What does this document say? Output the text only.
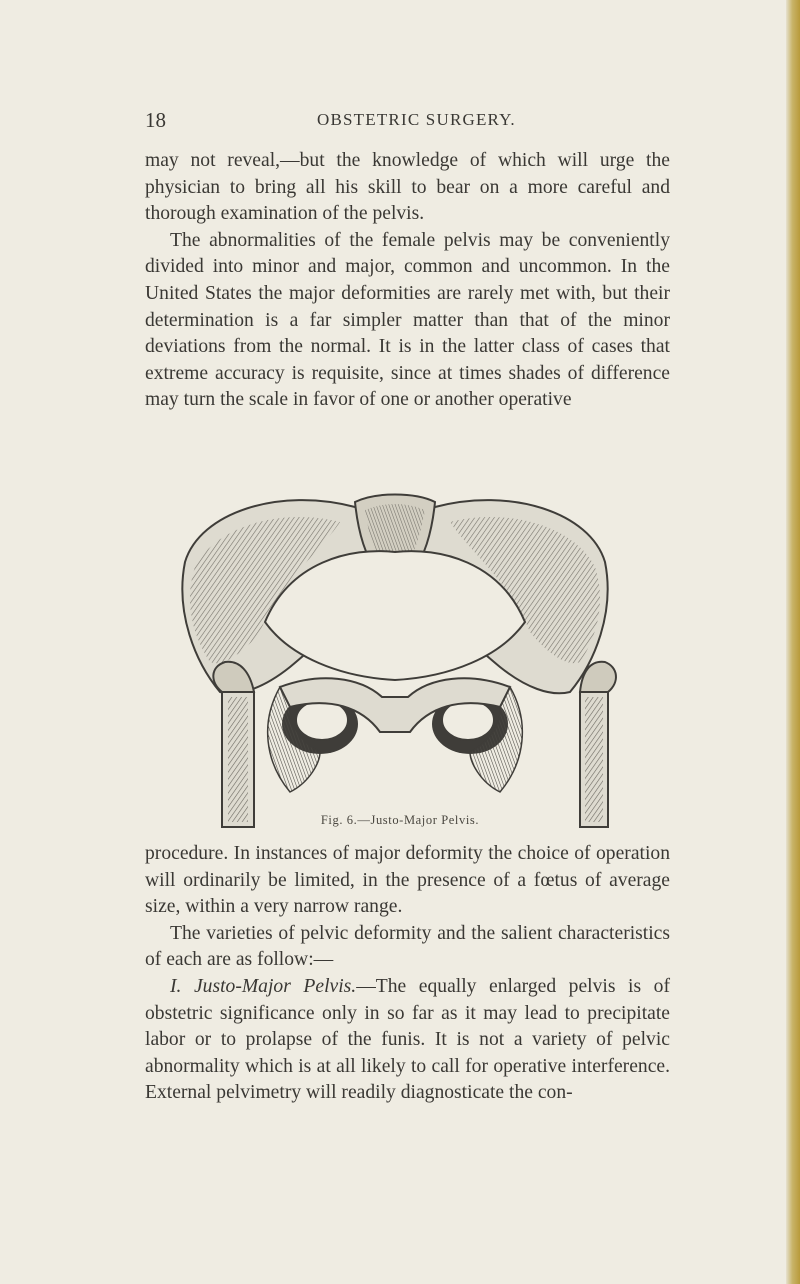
18	OBSTETRIC SURGERY.

may not reveal,—but the knowledge of which will urge the physician to bring all his skill to bear on a more careful and thorough examination of the pelvis.

The abnormalities of the female pelvis may be conveniently divided into minor and major, common and uncommon. In the United States the major deformities are rarely met with, but their determination is a far simpler matter than that of the minor deviations from the normal. It is in the latter class of cases that extreme accuracy is requisite, since at times shades of difference may turn the scale in favor of one or another operative

Fig. 6.—Justo-Major Pelvis.

procedure. In instances of major deformity the choice of operation will ordinarily be limited, in the presence of a fœtus of average size, within a very narrow range.

The varieties of pelvic deformity and the salient characteristics of each are as follow:—

I. Justo-Major Pelvis.—The equally enlarged pelvis is of obstetric significance only in so far as it may lead to precipitate labor or to prolapse of the funis. It is not a variety of pelvic abnormality which is at all likely to call for operative interference. External pelvimetry will readily diagnosticate the con-
